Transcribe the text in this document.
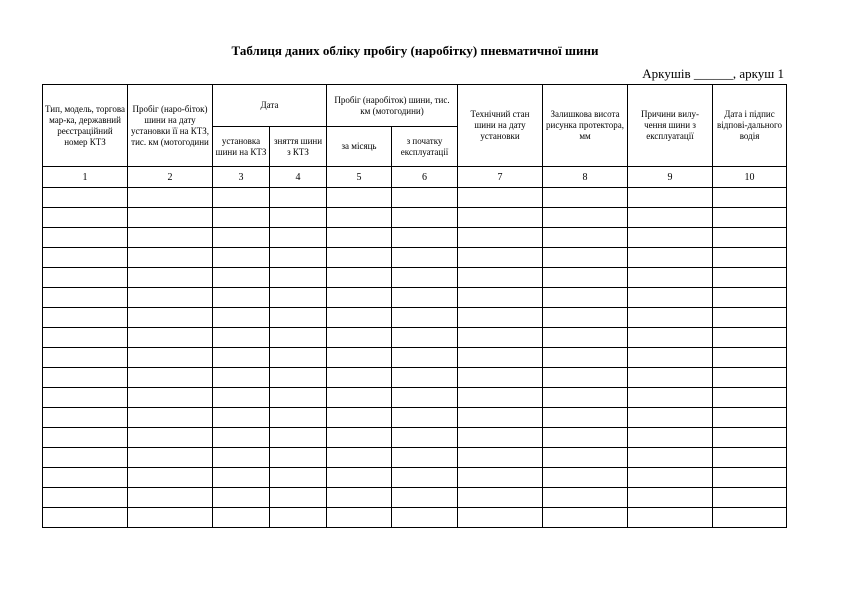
Таблиця даних обліку пробігу (наробітку) пневматичної шини
Аркушів ______, аркуш 1
Тип, модель, торгова мар-ка, державний реєстраційний номер КТЗ	Пробіг (наро-біток) шини на дату установки її на КТЗ, тис. км (мотогодини	Дата		Пробіг (наробіток) шини, тис. км (мотогодини)		Технічний стан шини на дату установки	Залишкова висота рисунка протектора, мм	Причини вилу-чення шини з експлуатації	Дата і підпис відпові-дального водія
		установка шини на КТЗ	зняття шини з КТЗ	за місяць	з початку експлуатації				
1	2	3	4	5	6	7	8	9	10
